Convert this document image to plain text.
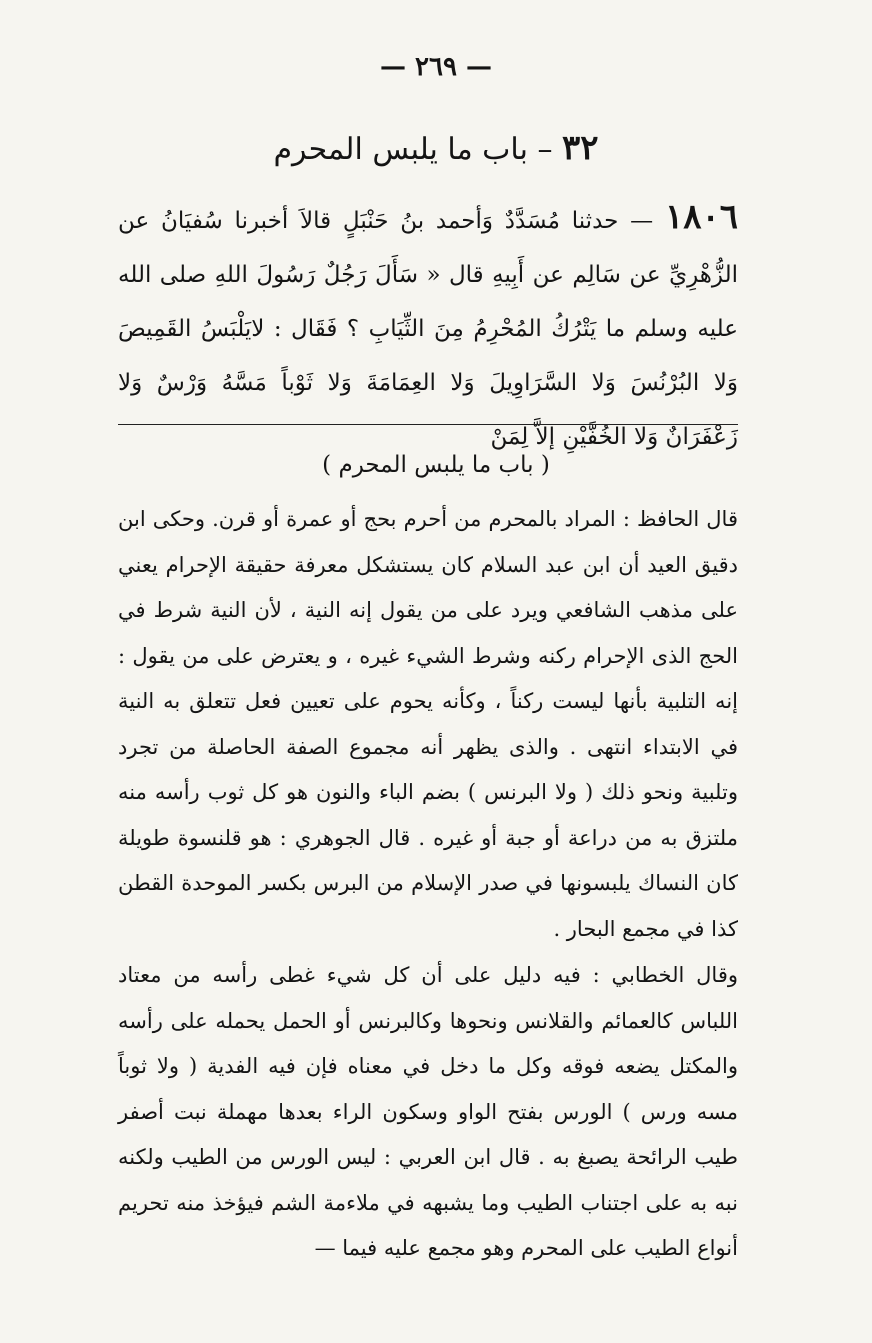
— ٢٦٩ —
٣٢ – باب ما يلبس المحرم
١٨٠٦ — حدثنا مُسَدَّدٌ وَأحمد بنُ حَنْبَلٍ قالاَ أخبرنا سُفيَانُ عن الزُّهْرِيِّ عن سَالِم عن أَبِيهِ قال « سَأَلَ رَجُلٌ رَسُولَ اللهِ صلى الله عليه وسلم ما يَتْرُكُ المُحْرِمُ مِنَ الثِّيَابِ ؟ فَقَال : لايَلْبَسُ القَمِيصَ وَلا البُرْنُسَ وَلا السَّرَاوِيلَ وَلا العِمَامَةَ وَلا ثَوْباً مَسَّهُ وَرْسٌ وَلا زَعْفَرَانٌ وَلا الخُفَّيْنِ إلاَّ لِمَنْ
( باب ما يلبس المحرم )

قال الحافظ : المراد بالمحرم من أحرم بحج أو عمرة أو قرن. وحكى ابن دقيق العيد أن ابن عبد السلام كان يستشكل معرفة حقيقة الإحرام يعني على مذهب الشافعي ويرد على من يقول إنه النية ، لأن النية شرط في الحج الذى الإحرام ركنه وشرط الشيء غيره ، و يعترض على من يقول : إنه التلبية بأنها ليست ركناً ، وكأنه يحوم على تعيين فعل تتعلق به النية في الابتداء انتهى . والذى يظهر أنه مجموع الصفة الحاصلة من تجرد وتلبية ونحو ذلك ( ولا البرنس ) بضم الباء والنون هو كل ثوب رأسه منه ملتزق به من دراعة أو جبة أو غيره . قال الجوهري : هو قلنسوة طويلة كان النساك يلبسونها في صدر الإسلام من البرس بكسر الموحدة القطن كذا في مجمع البحار .

وقال الخطابي : فيه دليل على أن كل شيء غطى رأسه من معتاد اللباس كالعمائم والقلانس ونحوها وكالبرنس أو الحمل يحمله على رأسه والمكتل يضعه فوقه وكل ما دخل في معناه فإن فيه الفدية ( ولا ثوباً مسه ورس ) الورس بفتح الواو وسكون الراء بعدها مهملة نبت أصفر طيب الرائحة يصبغ به . قال ابن العربي : ليس الورس من الطيب ولكنه نبه به على اجتناب الطيب وما يشبهه في ملاءمة الشم فيؤخذ منه تحريم أنواع الطيب على المحرم وهو مجمع عليه فيما —
